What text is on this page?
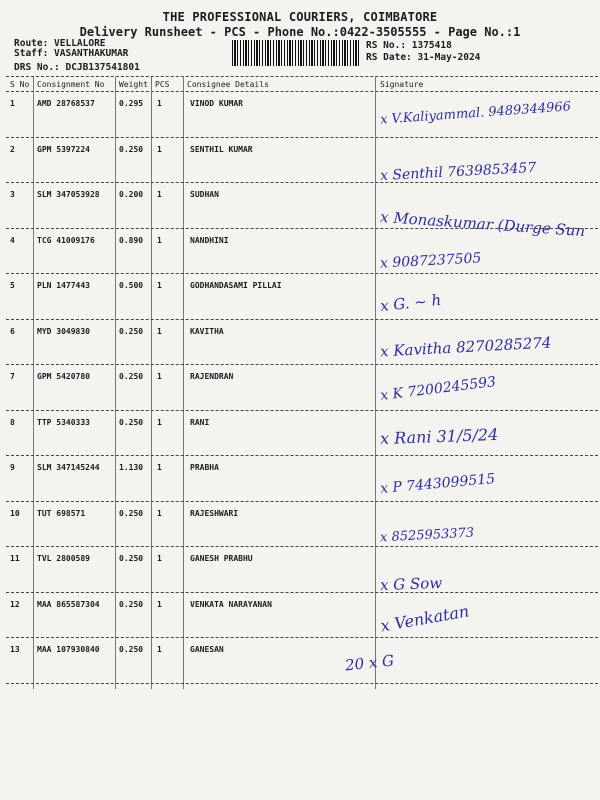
THE PROFESSIONAL COURIERS, COIMBATORE
Delivery Runsheet - PCS - Phone No.:0422-3505555 - Page No.:1
Route: VELLALORE
Staff: VASANTHAKUMAR
DRS No.: DCJB137541801
RS No.: 1375418
RS Date: 31-May-2024
S No Consignment No Weight PCS Consignee Details	Signature
1	AMD 28768537	0.295 1	VINOD KUMAR	x V.Kaliyammal. 9489344966
2	GPM 5397224	0.250 1	SENTHIL KUMAR
x Senthil 7639853457
3	SLM 347053928 0.200 1	SUDHAN
x Monaskumar (Durge Sun
4	TCG 41009176	0.890 1	NANDHINI
x 9087237505
5	PLN 1477443	0.500 1	GODHANDASAMI PILLAI
x G. ~ h
6	MYD 3049830	0.250 1	KAVITHA
x Kavitha 8270285274
7	GPM 5420780	0.250 1	RAJENDRAN	x K 7200245593
8	TTP 5340333	0.250 1	RANI
x Rani 31/5/24
9	SLM 347145244 1.130 1	PRABHA
x P 7443099515
10 TUT 698571	0.250 1	RAJESHWARI
x 8525953373
11 TVL 2800589	0.250 1	GANESH PRABHU
x G Sow
12 MAA 865587304 0.250 1	VENKATA NARAYANAN	x Venkatan
13 MAA 107930840 0.250 1	GANESAN
20 x G
